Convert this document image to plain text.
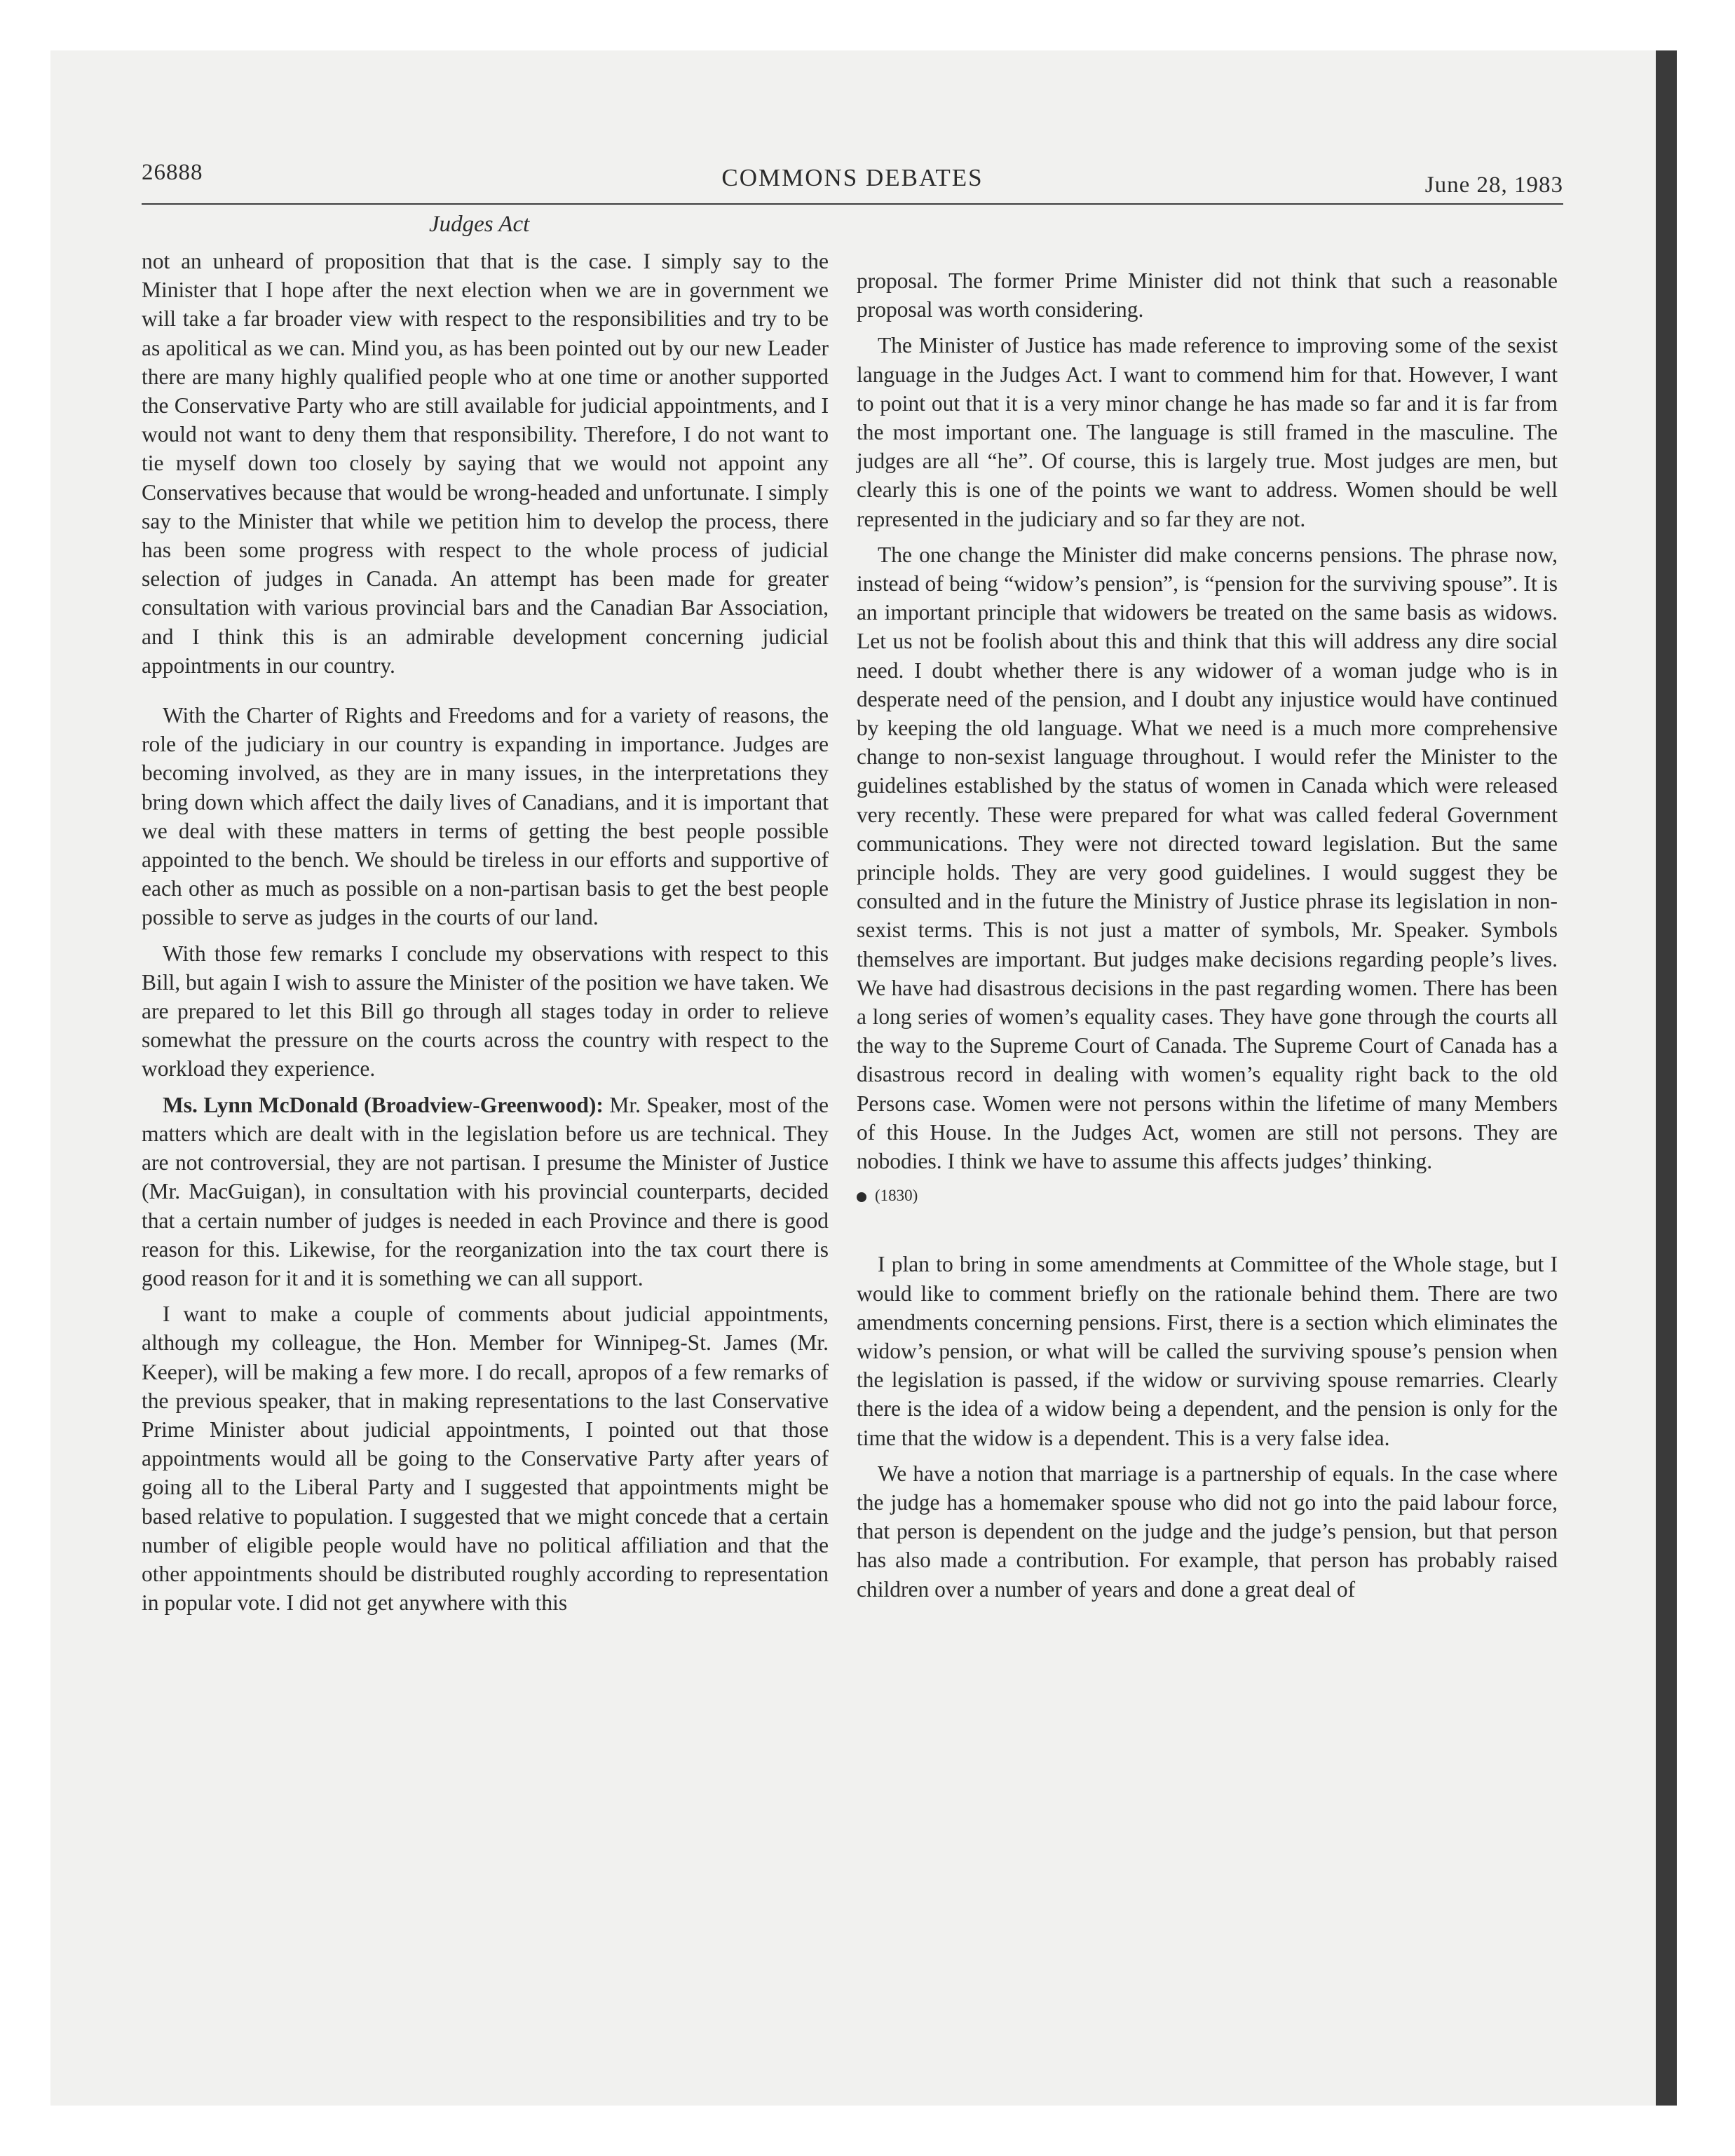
26888	COMMONS DEBATES	June 28, 1983
Judges Act

not an unheard of proposition that that is the case. I simply say to the Minister that I hope after the next election when we are in government we will take a far broader view with respect to the responsibilities and try to be as apolitical as we can. Mind you, as has been pointed out by our new Leader there are many highly qualified people who at one time or another supported the Conservative Party who are still available for judicial appointments, and I would not want to deny them that responsibility. Therefore, I do not want to tie myself down too closely by saying that we would not appoint any Conservatives because that would be wrong-headed and unfortunate. I simply say to the Minister that while we petition him to develop the process, there has been some progress with respect to the whole process of judicial selection of judges in Canada. An attempt has been made for greater consultation with various provincial bars and the Canadian Bar Association, and I think this is an admirable development concerning judicial appointments in our country.

With the Charter of Rights and Freedoms and for a variety of reasons, the role of the judiciary in our country is expanding in importance. Judges are becoming involved, as they are in many issues, in the interpretations they bring down which affect the daily lives of Canadians, and it is important that we deal with these matters in terms of getting the best people possible appointed to the bench. We should be tireless in our efforts and supportive of each other as much as possible on a non-partisan basis to get the best people possible to serve as judges in the courts of our land.

With those few remarks I conclude my observations with respect to this Bill, but again I wish to assure the Minister of the position we have taken. We are prepared to let this Bill go through all stages today in order to relieve somewhat the pressure on the courts across the country with respect to the workload they experience.

Ms. Lynn McDonald (Broadview-Greenwood): Mr. Speaker, most of the matters which are dealt with in the legislation before us are technical. They are not controversial, they are not partisan. I presume the Minister of Justice (Mr. MacGuigan), in consultation with his provincial counterparts, decided that a certain number of judges is needed in each Province and there is good reason for this. Likewise, for the reorganization into the tax court there is good reason for it and it is something we can all support.

I want to make a couple of comments about judicial appointments, although my colleague, the Hon. Member for Winnipeg-St. James (Mr. Keeper), will be making a few more. I do recall, apropos of a few remarks of the previous speaker, that in making representations to the last Conservative Prime Minister about judicial appointments, I pointed out that those appointments would all be going to the Conservative Party after years of going all to the Liberal Party and I suggested that appointments might be based relative to population. I suggested that we might concede that a certain number of eligible people would have no political affiliation and that the other appointments should be distributed roughly according to representation in popular vote. I did not get anywhere with this

proposal. The former Prime Minister did not think that such a reasonable proposal was worth considering.

The Minister of Justice has made reference to improving some of the sexist language in the Judges Act. I want to commend him for that. However, I want to point out that it is a very minor change he has made so far and it is far from the most important one. The language is still framed in the masculine. The judges are all “he”. Of course, this is largely true. Most judges are men, but clearly this is one of the points we want to address. Women should be well represented in the judiciary and so far they are not.

The one change the Minister did make concerns pensions. The phrase now, instead of being “widow’s pension”, is “pension for the surviving spouse”. It is an important principle that widowers be treated on the same basis as widows. Let us not be foolish about this and think that this will address any dire social need. I doubt whether there is any widower of a woman judge who is in desperate need of the pension, and I doubt any injustice would have continued by keeping the old language. What we need is a much more comprehensive change to non-sexist language throughout. I would refer the Minister to the guidelines established by the status of women in Canada which were released very recently. These were prepared for what was called federal Government communications. They were not directed toward legislation. But the same principle holds. They are very good guidelines. I would suggest they be consulted and in the future the Ministry of Justice phrase its legislation in non-sexist terms. This is not just a matter of symbols, Mr. Speaker. Symbols themselves are important. But judges make decisions regarding people’s lives. We have had disastrous decisions in the past regarding women. There has been a long series of women’s equality cases. They have gone through the courts all the way to the Supreme Court of Canada. The Supreme Court of Canada has a disastrous record in dealing with women’s equality right back to the old Persons case. Women were not persons within the lifetime of many Members of this House. In the Judges Act, women are still not persons. They are nobodies. I think we have to assume this affects judges’ thinking.

(1830)

I plan to bring in some amendments at Committee of the Whole stage, but I would like to comment briefly on the rationale behind them. There are two amendments concerning pensions. First, there is a section which eliminates the widow’s pension, or what will be called the surviving spouse’s pension when the legislation is passed, if the widow or surviving spouse remarries. Clearly there is the idea of a widow being a dependent, and the pension is only for the time that the widow is a dependent. This is a very false idea.

We have a notion that marriage is a partnership of equals. In the case where the judge has a homemaker spouse who did not go into the paid labour force, that person is dependent on the judge and the judge’s pension, but that person has also made a contribution. For example, that person has probably raised children over a number of years and done a great deal of
